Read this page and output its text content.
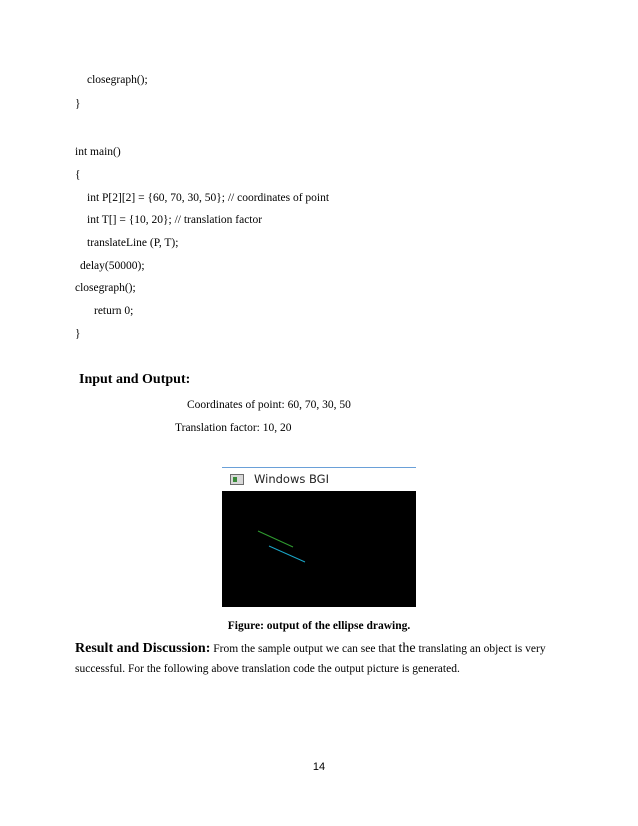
closegraph();
}
int main()
{
int P[2][2] = {60, 70, 30, 50}; // coordinates of point
int T[] = {10, 20}; // translation factor
translateLine (P, T);
delay(50000);
closegraph();
return 0;
}
Input and Output:
Coordinates of point: 60, 70, 30, 50
Translation factor: 10, 20
Windows BGI
Figure: output of the ellipse drawing.
Result and Discussion: From the sample output we can see that the translating an object is very successful. For the following above translation code the output picture is generated.
14
